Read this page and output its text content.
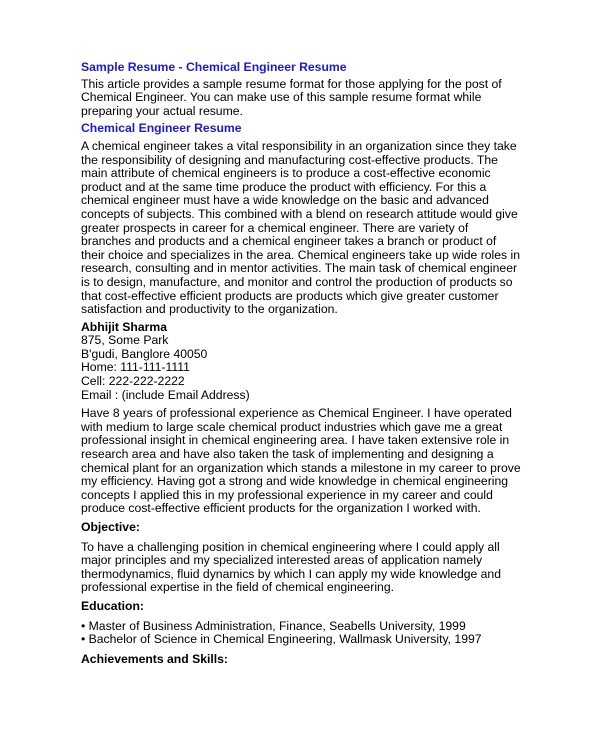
Sample Resume - Chemical Engineer Resume

This article provides a sample resume format for those applying for the post of Chemical Engineer. You can make use of this sample resume format while preparing your actual resume.

Chemical Engineer Resume

A chemical engineer takes a vital responsibility in an organization since they take the responsibility of designing and manufacturing cost-effective products. The main attribute of chemical engineers is to produce a cost-effective economic product and at the same time produce the product with efficiency. For this a chemical engineer must have a wide knowledge on the basic and advanced concepts of subjects. This combined with a blend on research attitude would give greater prospects in career for a chemical engineer. There are variety of branches and products and a chemical engineer takes a branch or product of their choice and specializes in the area. Chemical engineers take up wide roles in research, consulting and in mentor activities. The main task of chemical engineer is to design, manufacture, and monitor and control the production of products so that cost-effective efficient products are products which give greater customer satisfaction and productivity to the organization.

Abhijit Sharma
875, Some Park
B'gudi, Banglore 40050
Home: 111-111-1111
Cell: 222-222-2222
Email : (include Email Address)

Have 8 years of professional experience as Chemical Engineer. I have operated with medium to large scale chemical product industries which gave me a great professional insight in chemical engineering area. I have taken extensive role in research area and have also taken the task of implementing and designing a chemical plant for an organization which stands a milestone in my career to prove my efficiency. Having got a strong and wide knowledge in chemical engineering concepts I applied this in my professional experience in my career and could produce cost-effective efficient products for the organization I worked with.

Objective:

To have a challenging position in chemical engineering where I could apply all major principles and my specialized interested areas of application namely thermodynamics, fluid dynamics by which I can apply my wide knowledge and professional expertise in the field of chemical engineering.

Education:
• Master of Business Administration, Finance, Seabells University, 1999
• Bachelor of Science in Chemical Engineering, Wallmask University, 1997
Achievements and Skills:
